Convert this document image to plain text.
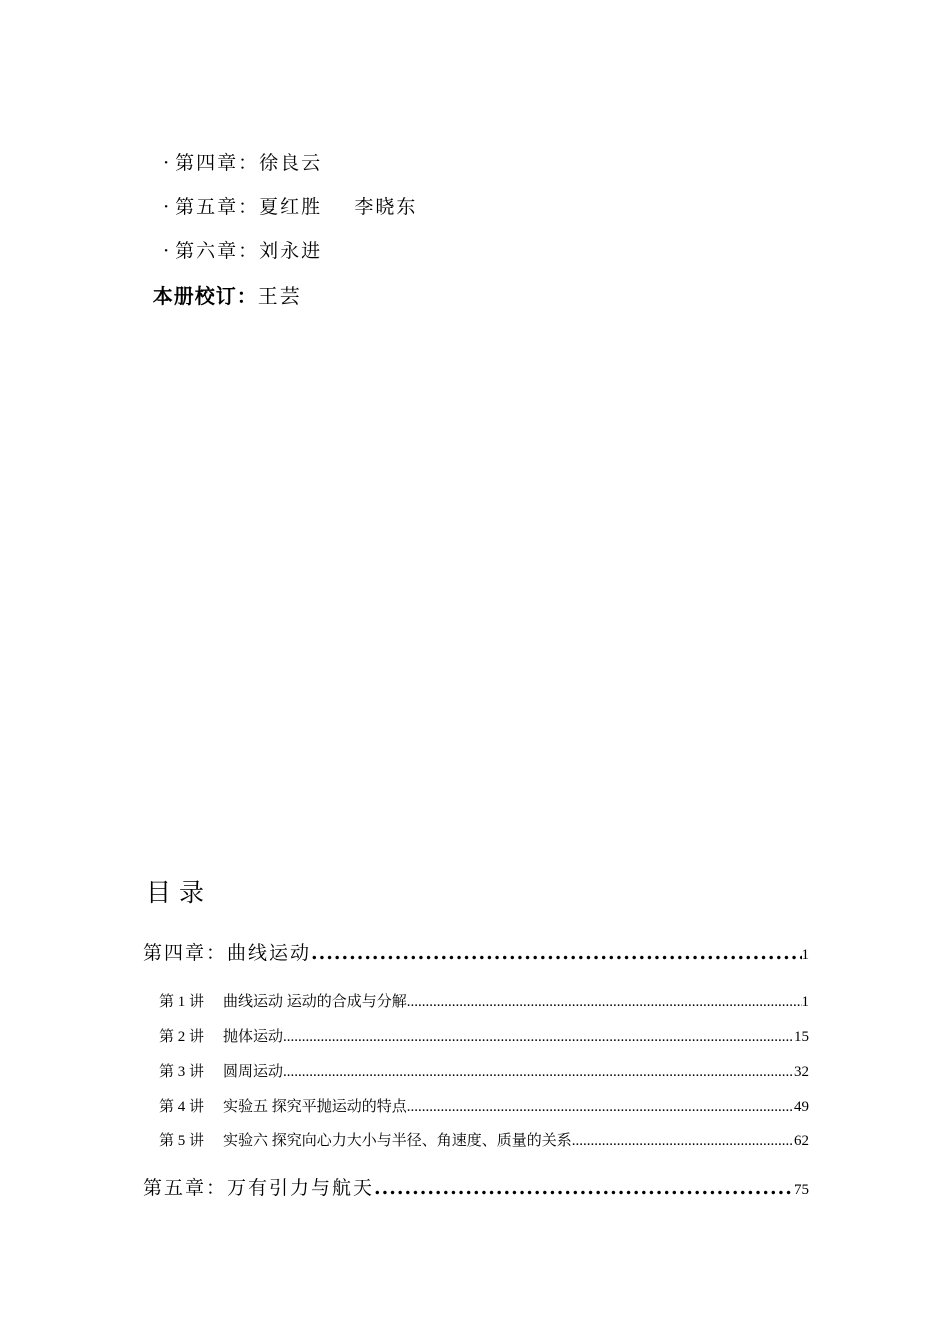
· 第四章：徐良云

· 第五章：夏红胜    李晓东

· 第六章：刘永进

本册校订：王芸

目录
第四章：曲线运动 .....	1
第 1 讲 曲线运动 运动的合成与分解 .....	1
第 2 讲 抛体运动 .....	15
第 3 讲 圆周运动 .....	32
第 4 讲 实验五 探究平抛运动的特点 .....	49
第 5 讲 实验六 探究向心力大小与半径、角速度、质量的关系 .....	62
第五章：万有引力与航天 .....	75
